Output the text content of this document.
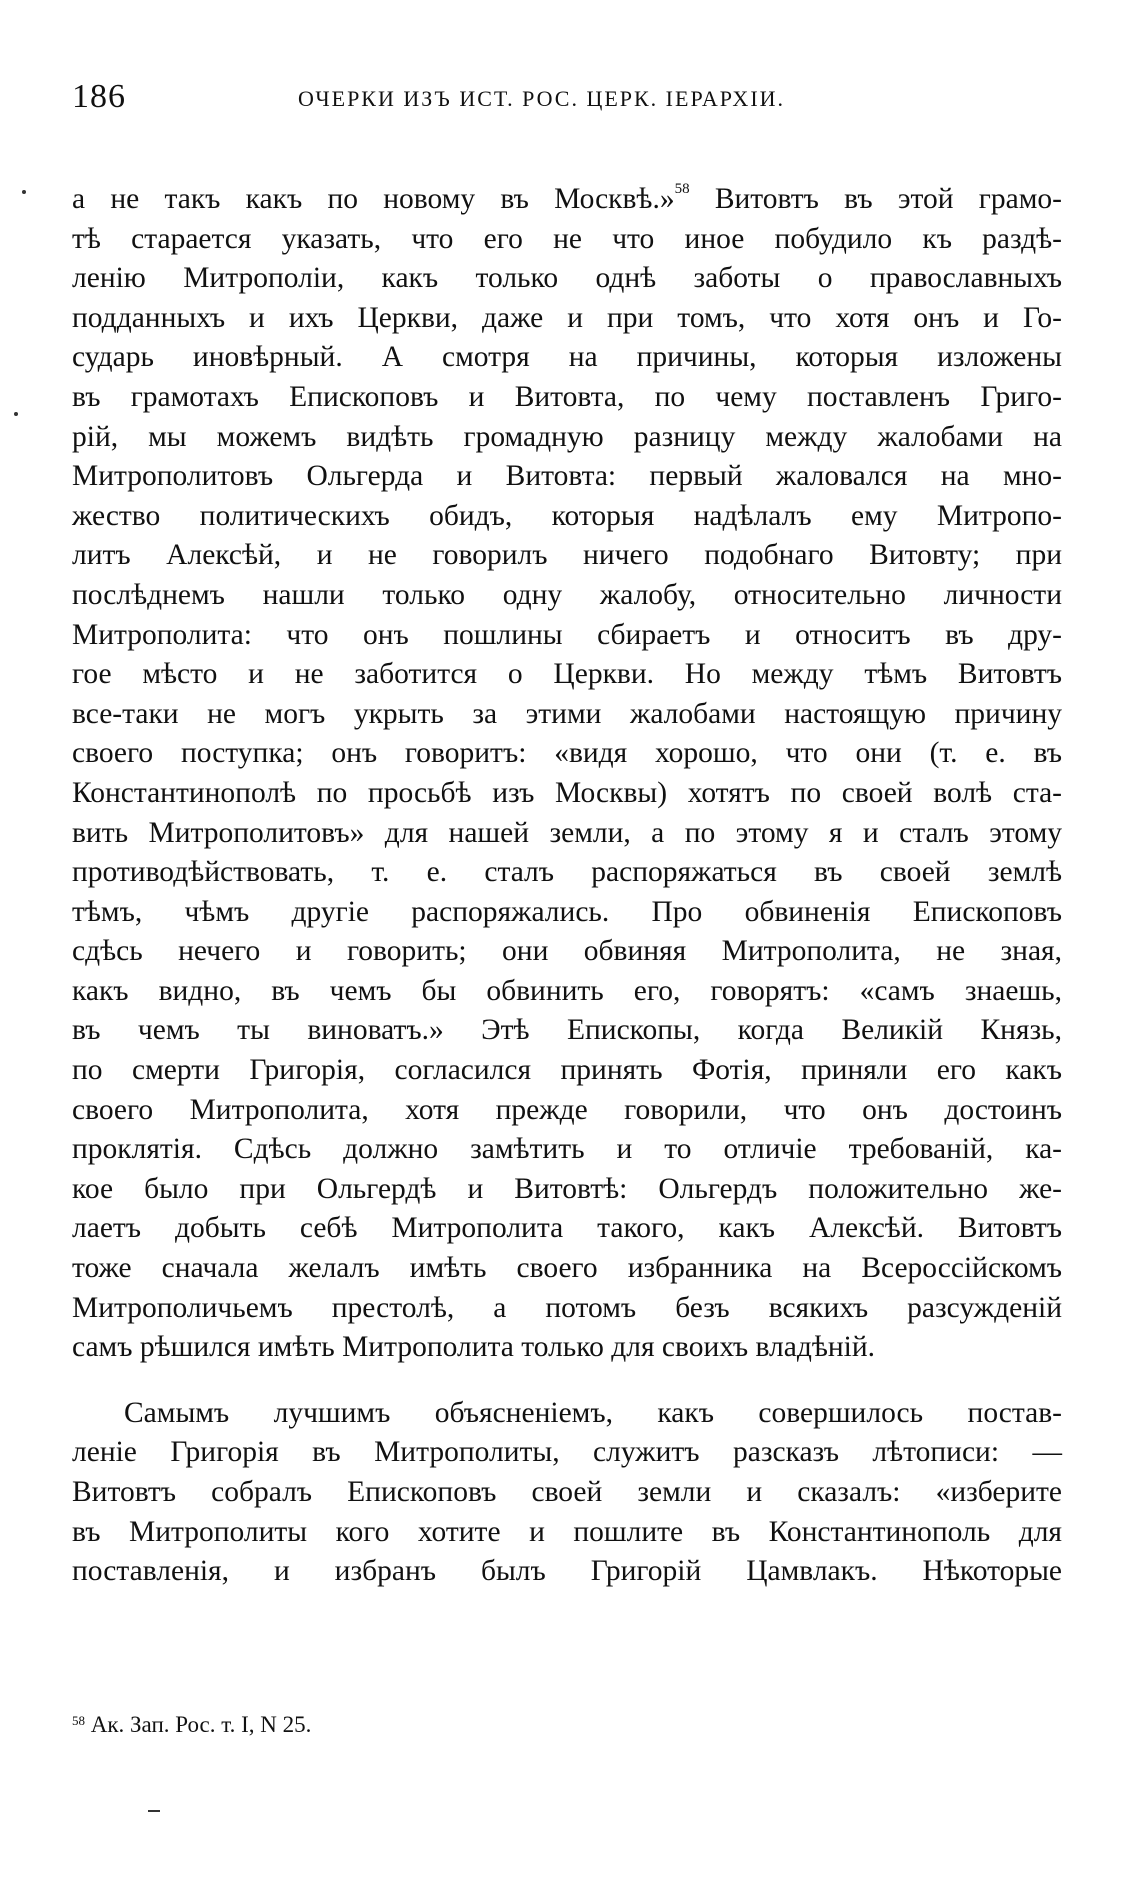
186	ОЧЕРКИ ИЗЪ ИСТ. РОС. ЦЕРК. ІЕРАРХІИ.

а не такъ какъ по новому въ Москвѣ.»$^{58}$ Витовтъ въ этой грамо-
тѣ старается указать, что его не что иное побудило къ раздѣ-
ленію Митрополіи, какъ только однѣ заботы о православныхъ
подданныхъ и ихъ Церкви, даже и при томъ, что хотя онъ и Го-
сударь иновѣрный. А смотря на причины, которыя изложены
въ грамотахъ Епископовъ и Витовта, по чему поставленъ Григо-
рій, мы можемъ видѣть громадную разницу между жалобами на
Митрополитовъ Ольгерда и Витовта: первый жаловался на мно-
жество политическихъ обидъ, которыя надѣлалъ ему Митропо-
литъ Алексѣй, и не говорилъ ничего подобнаго Витовту; при
послѣднемъ нашли только одну жалобу, относительно личности
Митрополита: что онъ пошлины сбираетъ и относитъ въ дру-
гое мѣсто и не заботится о Церкви. Но между тѣмъ Витовтъ
все-таки не могъ укрыть за этими жалобами настоящую причину
своего поступка; онъ говоритъ: «видя хорошо, что они (т. е. въ
Константинополѣ по просьбѣ изъ Москвы) хотятъ по своей волѣ ста-
вить Митрополитовъ» для нашей земли, а по этому я и сталъ этому
противодѣйствовать, т. е. сталъ распоряжаться въ своей землѣ
тѣмъ, чѣмъ другіе распоряжались. Про обвиненія Епископовъ
сдѣсь нечего и говорить; они обвиняя Митрополита, не зная,
какъ видно, въ чемъ бы обвинить его, говорятъ: «самъ знаешь,
въ чемъ ты виноватъ.» Этѣ Епископы, когда Великій Князь,
по смерти Григорія, согласился принять Фотія, приняли его какъ
своего Митрополита, хотя прежде говорили, что онъ достоинъ
проклятія. Сдѣсь должно замѣтить и то отличіе требованій, ка-
кое было при Ольгердѣ и Витовтѣ: Ольгердъ положительно же-
лаетъ добыть себѣ Митрополита такого, какъ Алексѣй. Витовтъ
тоже сначала желалъ имѣть своего избранника на Всероссійскомъ
Митрополичьемъ престолѣ, а потомъ безъ всякихъ разсужденій
самъ рѣшился имѣть Митрополита только для своихъ владѣній.

Самымъ лучшимъ объясненіемъ, какъ совершилось постав-
леніе Григорія въ Митрополиты, служитъ разсказъ лѣтописи: —
Витовтъ собралъ Епископовъ своей земли и сказалъ: «изберите
въ Митрополиты кого хотите и пошлите въ Константинополь для
поставленія, и избранъ былъ Григорій Цамвлакъ. Нѣкоторые

$^{58}$ Ак. Зап. Рос. т. I, N 25.
